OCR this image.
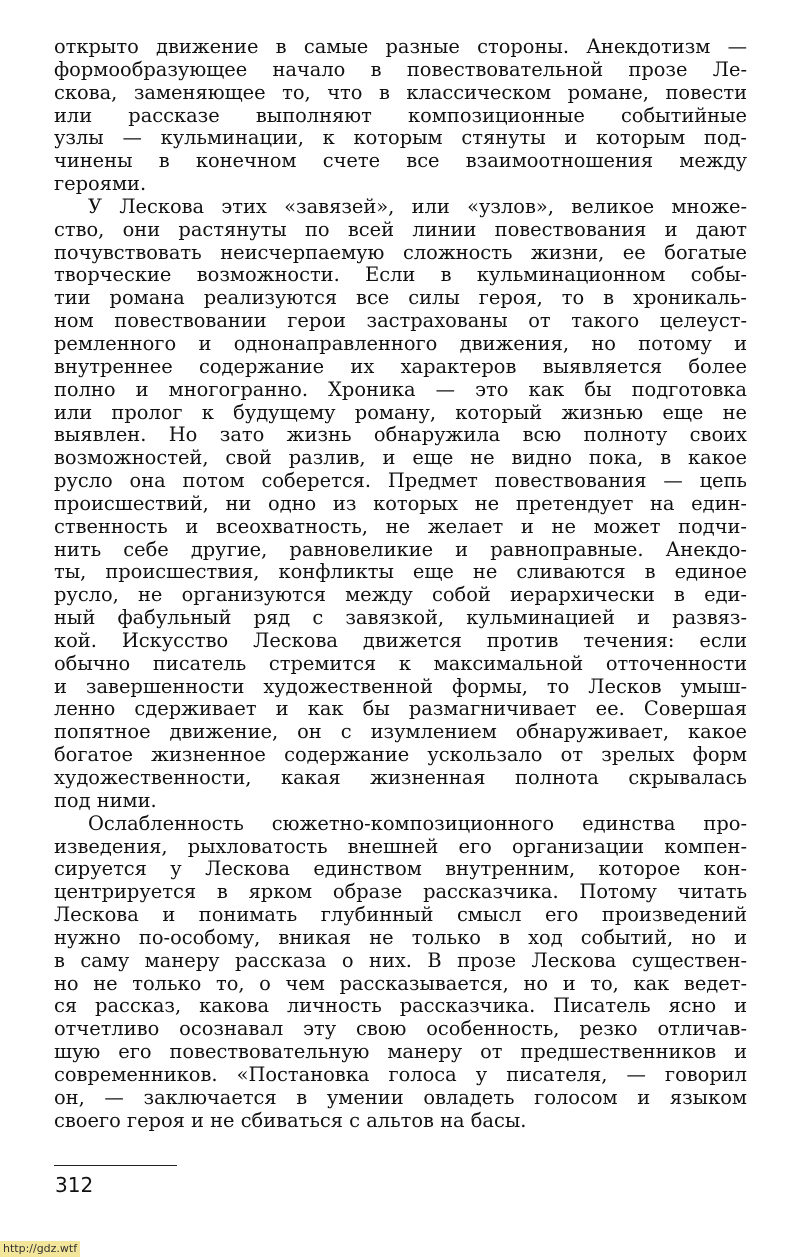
открыто движение в самые разные стороны. Анекдотизм —
формообразующее начало в повествовательной прозе Ле-
скова, заменяющее то, что в классическом романе, повести
или рассказе выполняют композиционные событийные
узлы — кульминации, к которым стянуты и которым под-
чинены в конечном счете все взаимоотношения между
героями.
У Лескова этих «завязей», или «узлов», великое множе-
ство, они растянуты по всей линии повествования и дают
почувствовать неисчерпаемую сложность жизни, ее богатые
творческие возможности. Если в кульминационном собы-
тии романа реализуются все силы героя, то в хроникаль-
ном повествовании герои застрахованы от такого целеуст-
ремленного и однонаправленного движения, но потому и
внутреннее содержание их характеров выявляется более
полно и многогранно. Хроника — это как бы подготовка
или пролог к будущему роману, который жизнью еще не
выявлен. Но зато жизнь обнаружила всю полноту своих
возможностей, свой разлив, и еще не видно пока, в какое
русло она потом соберется. Предмет повествования — цепь
происшествий, ни одно из которых не претендует на един-
ственность и всеохватность, не желает и не может подчи-
нить себе другие, равновеликие и равноправные. Анекдо-
ты, происшествия, конфликты еще не сливаются в единое
русло, не организуются между собой иерархически в еди-
ный фабульный ряд с завязкой, кульминацией и развяз-
кой. Искусство Лескова движется против течения: если
обычно писатель стремится к максимальной отточенности
и завершенности художественной формы, то Лесков умыш-
ленно сдерживает и как бы размагничивает ее. Совершая
попятное движение, он с изумлением обнаруживает, какое
богатое жизненное содержание ускользало от зрелых форм
художественности, какая жизненная полнота скрывалась
под ними.
Ослабленность сюжетно-композиционного единства про-
изведения, рыхловатость внешней его организации компен-
сируется у Лескова единством внутренним, которое кон-
центрируется в ярком образе рассказчика. Потому читать
Лескова и понимать глубинный смысл его произведений
нужно по-особому, вникая не только в ход событий, но и
в саму манеру рассказа о них. В прозе Лескова существен-
но не только то, о чем рассказывается, но и то, как ведет-
ся рассказ, какова личность рассказчика. Писатель ясно и
отчетливо осознавал эту свою особенность, резко отличав-
шую его повествовательную манеру от предшественников и
современников. «Постановка голоса у писателя, — говорил
он, — заключается в умении овладеть голосом и языком
своего героя и не сбиваться с альтов на басы.
312
http://gdz.wtf
